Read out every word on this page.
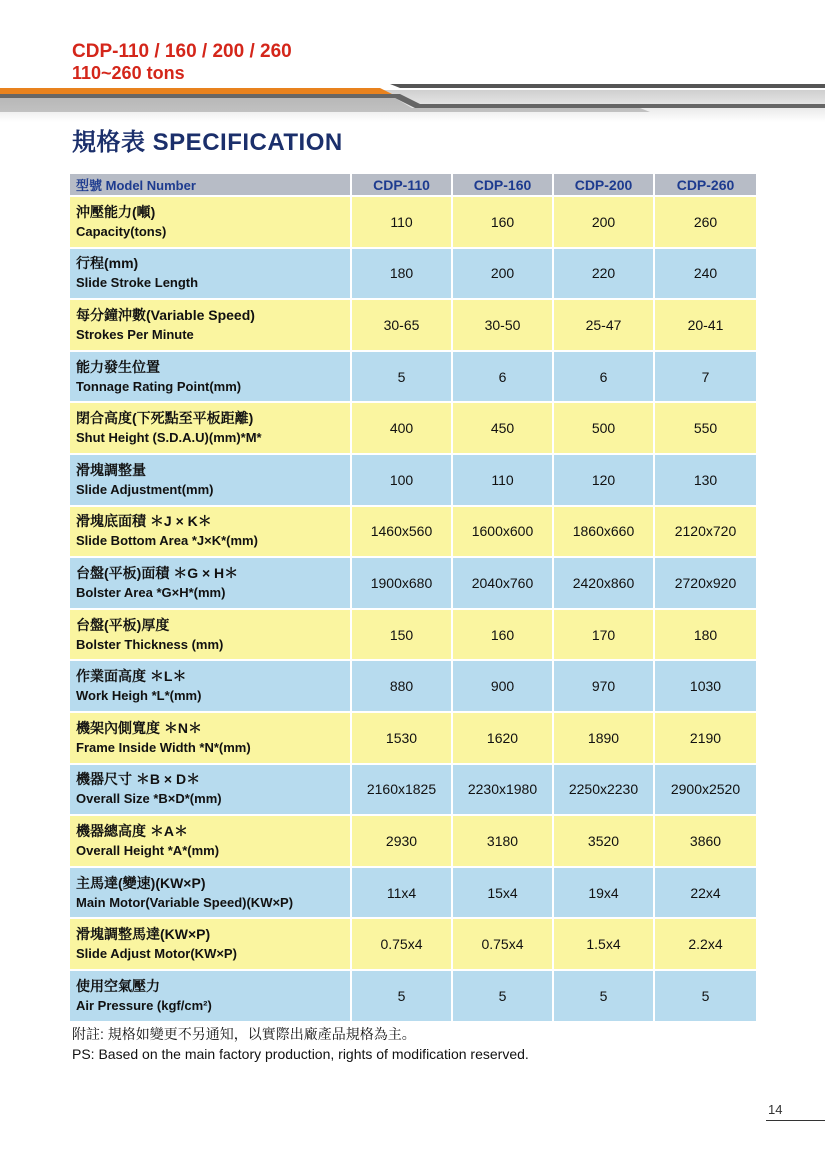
CDP-110 / 160 / 200 / 260
110~260 tons
規格表 SPECIFICATION
型號 Model Number	CDP-110	CDP-160	CDP-200	CDP-260

沖壓能力(噸)
Capacity(tons)	110	160	200	260

行程(mm)
Slide Stroke Length	180	200	220	240

每分鐘沖數(Variable Speed)
Strokes Per Minute	30-65	30-50	25-47	20-41

能力發生位置
Tonnage Rating Point(mm)	5	6	6	7

閉合高度(下死點至平板距離)
Shut Height (S.D.A.U)(mm)*M*	400	450	500	550

滑塊調整量
Slide Adjustment(mm)	100	110	120	130

滑塊底面積 ＊J × K＊
Slide Bottom Area *J×K*(mm)	1460x560	1600x600	1860x660	2120x720

台盤(平板)面積 ＊G × H＊
Bolster Area *G×H*(mm)	1900x680	2040x760	2420x860	2720x920

台盤(平板)厚度
Bolster Thickness (mm)	150	160	170	180

作業面高度 ＊L＊
Work Heigh *L*(mm)	880	900	970	1030

機架內側寬度 ＊N＊
Frame Inside Width *N*(mm)	1530	1620	1890	2190

機器尺寸 ＊B × D＊
Overall Size *B×D*(mm)	2160x1825	2230x1980	2250x2230	2900x2520

機器總高度 ＊A＊
Overall Height *A*(mm)	2930	3180	3520	3860

主馬達(變速)(KW×P)
Main Motor(Variable Speed)(KW×P)	11x4	15x4	19x4	22x4

滑塊調整馬達(KW×P)
Slide Adjust Motor(KW×P)	0.75x4	0.75x4	1.5x4	2.2x4

使用空氣壓力
Air Pressure (kgf/cm²)	5	5	5	5
附註: 規格如變更不另通知，以實際出廠產品規格為主。
PS: Based on the main factory production, rights of modification reserved.
14
